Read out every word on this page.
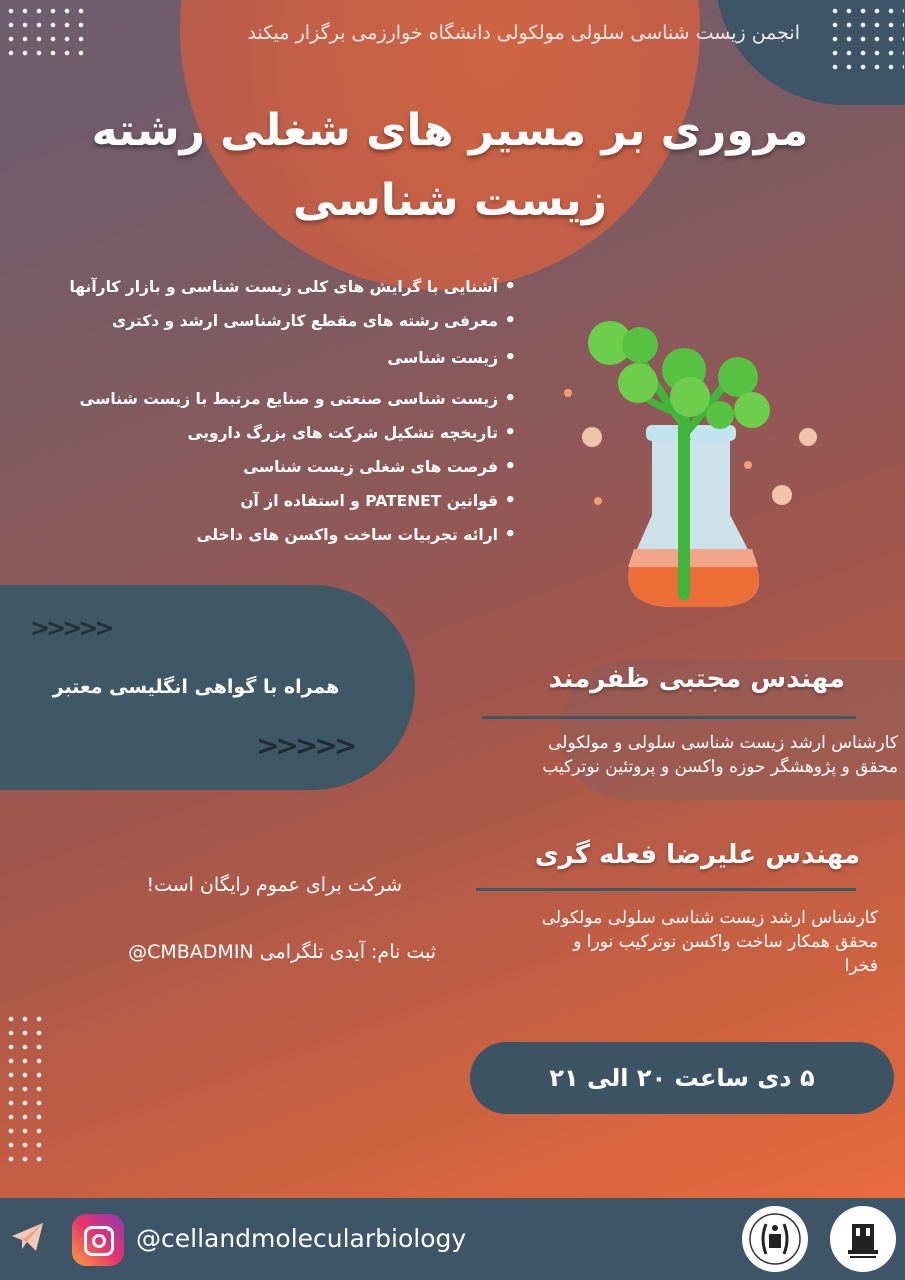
انجمن زیست شناسی سلولی مولکولی دانشگاه خوارزمی برگزار میکند
مروری بر مسیر های شغلی رشته
زیست شناسی
• آشنایی با گرایش های کلی زیست شناسی و بازار کارآنها
• معرفی رشته های مقطع کارشناسی ارشد و دکتری
• زیست شناسی
• زیست شناسی صنعتی و صنایع مرتبط با زیست شناسی
• تاریخچه تشکیل شرکت های بزرگ دارویی
• فرصت های شغلی زیست شناسی
• قوانین PATENET و استفاده از آن
• ارائه تجربیات ساخت واکسن های داخلی
>>>>>
همراه با گواهی انگلیسی معتبر
>>>>>
مهندس مجتبی ظفرمند
کارشناس ارشد زیست شناسی سلولی و مولکولی
محقق و پژوهشگر حوزه واکسن و پروتئین نوترکیب
مهندس علیرضا فعله گری
کارشناس ارشد زیست شناسی سلولی مولکولی
محقق همکار ساخت واکسن نوترکیب نورا و
فخرا
شرکت برای عموم رایگان است!
ثبت نام: آیدی تلگرامی CMBADMIN@
۵ دی ساعت ۲۰ الی ۲۱
@cellandmolecularbiology
